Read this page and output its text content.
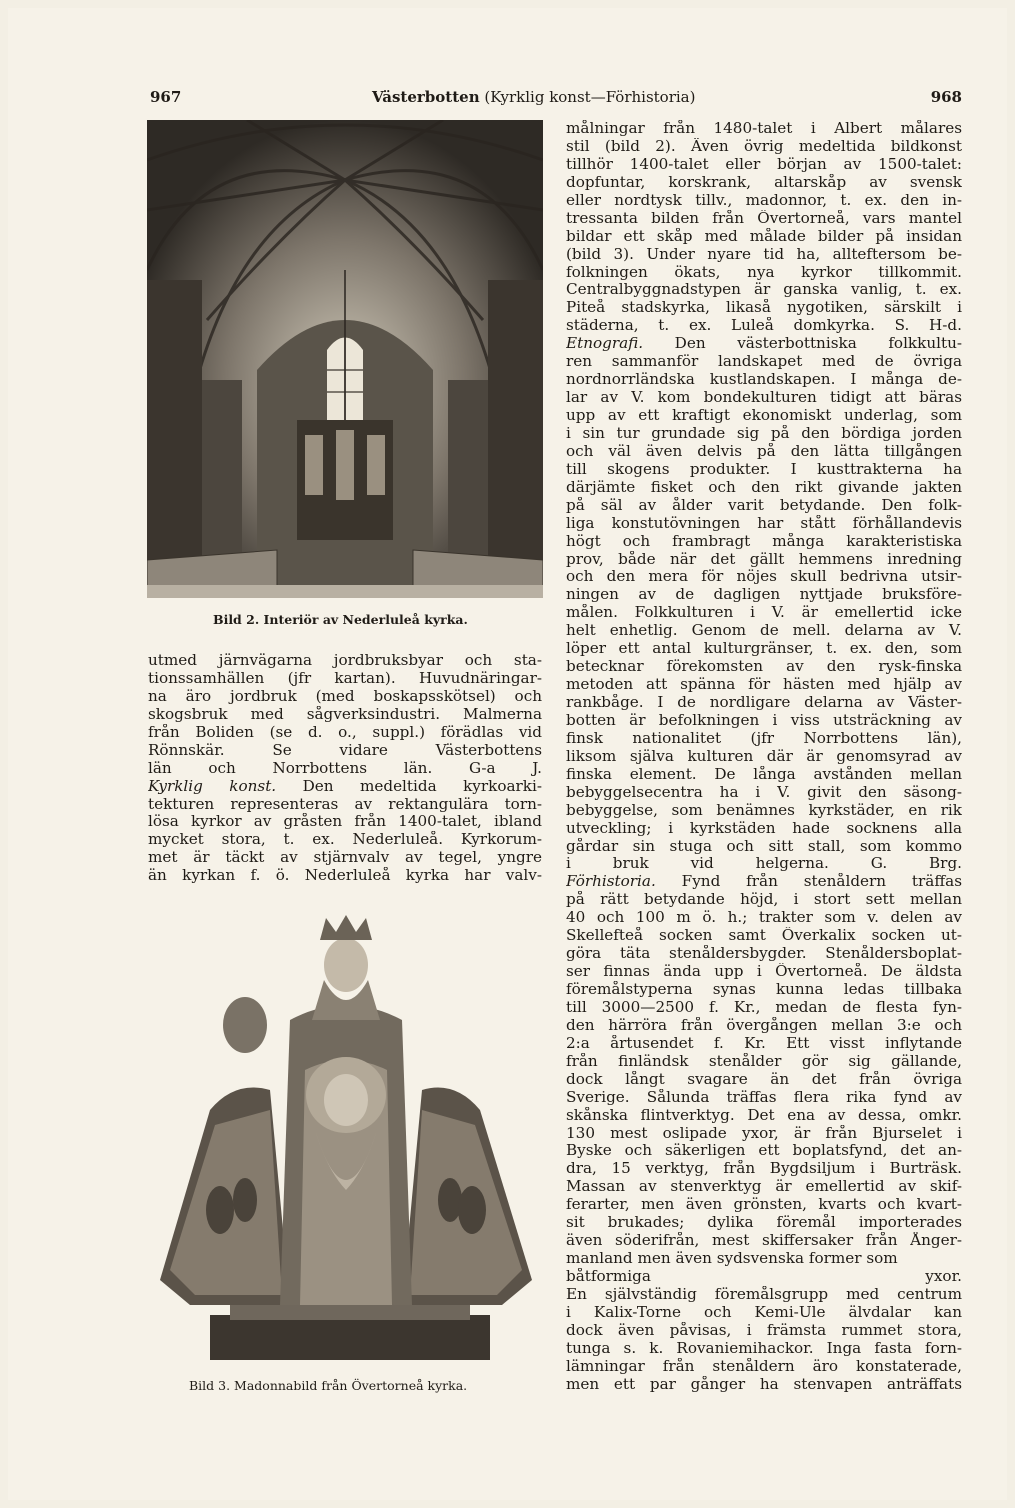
967	Västerbotten (Kyrklig konst—Förhistoria)	968
Bild 2. Interiör av Nederluleå kyrka.
Bild 3. Madonnabild från Övertorneå kyrka.
utmed järnvägarna jordbruksbyar och sta-
tionssamhällen (jfr kartan). Huvudnäringar-
na äro jordbruk (med boskapsskötsel) och
skogsbruk med sågverksindustri. Malmerna
från Boliden (se d. o., suppl.) förädlas vid
Rönnskär. Se vidare Västerbottens
län och Norrbottens län. G-a J.
Kyrklig konst. Den medeltida kyrkoarki-
tekturen representeras av rektangulära torn-
lösa kyrkor av gråsten från 1400-talet, ibland
mycket stora, t. ex. Nederluleå. Kyrkorum-
met är täckt av stjärnvalv av tegel, yngre
än kyrkan f. ö. Nederluleå kyrka har valv-
målningar från 1480-talet i Albert målares
stil (bild 2). Även övrig medeltida bildkonst
tillhör 1400-talet eller början av 1500-talet:
dopfuntar, korskrank, altarskåp av svensk
eller nordtysk tillv., madonnor, t. ex. den in-
tressanta bilden från Övertorneå, vars mantel
bildar ett skåp med målade bilder på insidan
(bild 3). Under nyare tid ha, allteftersom be-
folkningen ökats, nya kyrkor tillkommit.
Centralbyggnadstypen är ganska vanlig, t. ex.
Piteå stadskyrka, likaså nygotiken, särskilt i
städerna, t. ex. Luleå domkyrka. S. H-d.
Etnografi. Den västerbottniska folkkultu-
ren sammanför landskapet med de övriga
nordnorrländska kustlandskapen. I många de-
lar av V. kom bondekulturen tidigt att bäras
upp av ett kraftigt ekonomiskt underlag, som
i sin tur grundade sig på den bördiga jorden
och väl även delvis på den lätta tillgången
till skogens produkter. I kusttrakterna ha
därjämte fisket och den rikt givande jakten
på säl av ålder varit betydande. Den folk-
liga konstutövningen har stått förhållandevis
högt och frambragt många karakteristiska
prov, både när det gällt hemmens inredning
och den mera för nöjes skull bedrivna utsir-
ningen av de dagligen nyttjade bruksföre-
målen. Folkkulturen i V. är emellertid icke
helt enhetlig. Genom de mell. delarna av V.
löper ett antal kulturgränser, t. ex. den, som
betecknar förekomsten av den rysk-finska
metoden att spänna för hästen med hjälp av
rankbåge. I de nordligare delarna av Väster-
botten är befolkningen i viss utsträckning av
finsk nationalitet (jfr Norrbottens län),
liksom själva kulturen där är genomsyrad av
finska element. De långa avstånden mellan
bebyggelsecentra ha i V. givit den säsong-
bebyggelse, som benämnes kyrkstäder, en rik
utveckling; i kyrkstäden hade socknens alla
gårdar sin stuga och sitt stall, som kommo
i bruk vid helgerna. G. Brg.
Förhistoria. Fynd från stenåldern träffas
på rätt betydande höjd, i stort sett mellan
40 och 100 m ö. h.; trakter som v. delen av
Skellefteå socken samt Överkalix socken ut-
göra täta stenåldersbygder. Stenåldersboplat-
ser finnas ända upp i Övertorneå. De äldsta
föremålstyperna synas kunna ledas tillbaka
till 3000—2500 f. Kr., medan de flesta fyn-
den härröra från övergången mellan 3:e och
2:a årtusendet f. Kr. Ett visst inflytande
från finländsk stenålder gör sig gällande,
dock långt svagare än det från övriga
Sverige. Sålunda träffas flera rika fynd av
skånska flintverktyg. Det ena av dessa, omkr.
130 mest oslipade yxor, är från Bjurselet i
Byske och säkerligen ett boplatsfynd, det an-
dra, 15 verktyg, från Bygdsiljum i Burträsk.
Massan av stenverktyg är emellertid av skif-
ferarter, men även grönsten, kvarts och kvart-
sit brukades; dylika föremål importerades
även söderifrån, mest skiffersaker från Ånger-
manland men även sydsvenska former som
båtformiga yxor.
En självständig föremålsgrupp med centrum
i Kalix-Torne och Kemi-Ule älvdalar kan
dock även påvisas, i främsta rummet stora,
tunga s. k. Rovaniemihackor. Inga fasta forn-
lämningar från stenåldern äro konstaterade,
men ett par gånger ha stenvapen anträffats
